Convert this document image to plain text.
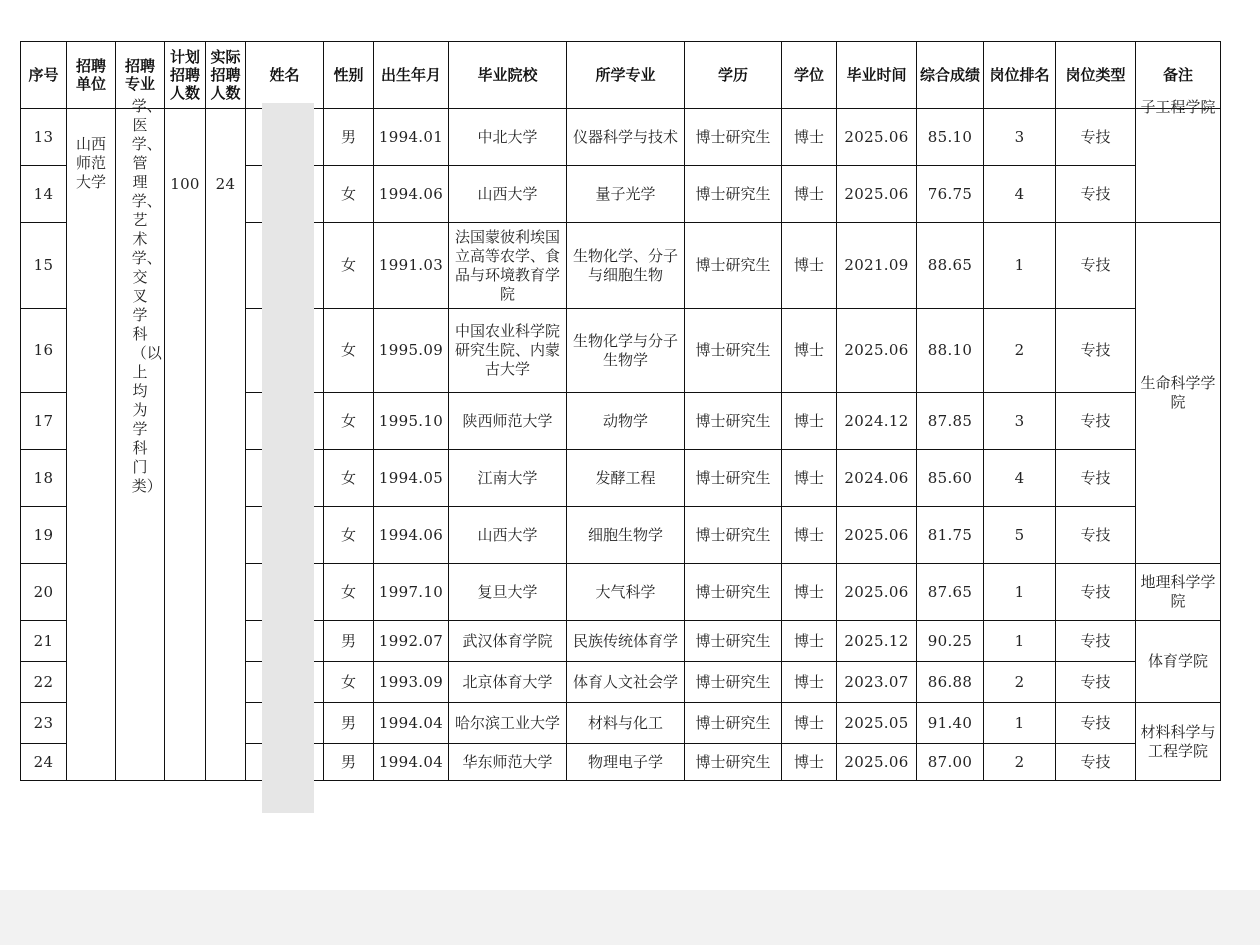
序号	招聘单位	招聘专业	计划招聘人数	实际招聘人数	姓名	性别	出生年月	毕业院校	所学专业	学历	学位	毕业时间	综合成绩	岗位排名	岗位类型	备注
13	山西师范大学	学、医学、管理学、艺术学、交叉学科（以上均为学科门类）	100	24		男	1994.01	中北大学	仪器科学与技术	博士研究生	博士	2025.06	85.10	3	专技	子工程学院

14						女	1994.06	山西大学	量子光学	博士研究生	博士	2025.06	76.75	4	专技	
15						女	1991.03	法国蒙彼利埃国立高等农学、食品与环境教育学院	生物化学、分子与细胞生物	博士研究生	博士	2021.09	88.65	1	专技	生命科学学院
16						女	1995.09	中国农业科学院研究生院、内蒙古大学	生物化学与分子生物学	博士研究生	博士	2025.06	88.10	2	专技	
17						女	1995.10	陕西师范大学	动物学	博士研究生	博士	2024.12	87.85	3	专技	
18						女	1994.05	江南大学	发酵工程	博士研究生	博士	2024.06	85.60	4	专技	
19						女	1994.06	山西大学	细胞生物学	博士研究生	博士	2025.06	81.75	5	专技	
20						女	1997.10	复旦大学	大气科学	博士研究生	博士	2025.06	87.65	1	专技	地理科学学院
21						男	1992.07	武汉体育学院	民族传统体育学	博士研究生	博士	2025.12	90.25	1	专技	体育学院
22						女	1993.09	北京体育大学	体育人文社会学	博士研究生	博士	2023.07	86.88	2	专技	
23						男	1994.04	哈尔滨工业大学	材料与化工	博士研究生	博士	2025.05	91.40	1	专技	材料科学与工程学院
24						男	1994.04	华东师范大学	物理电子学	博士研究生	博士	2025.06	87.00	2	专技	
